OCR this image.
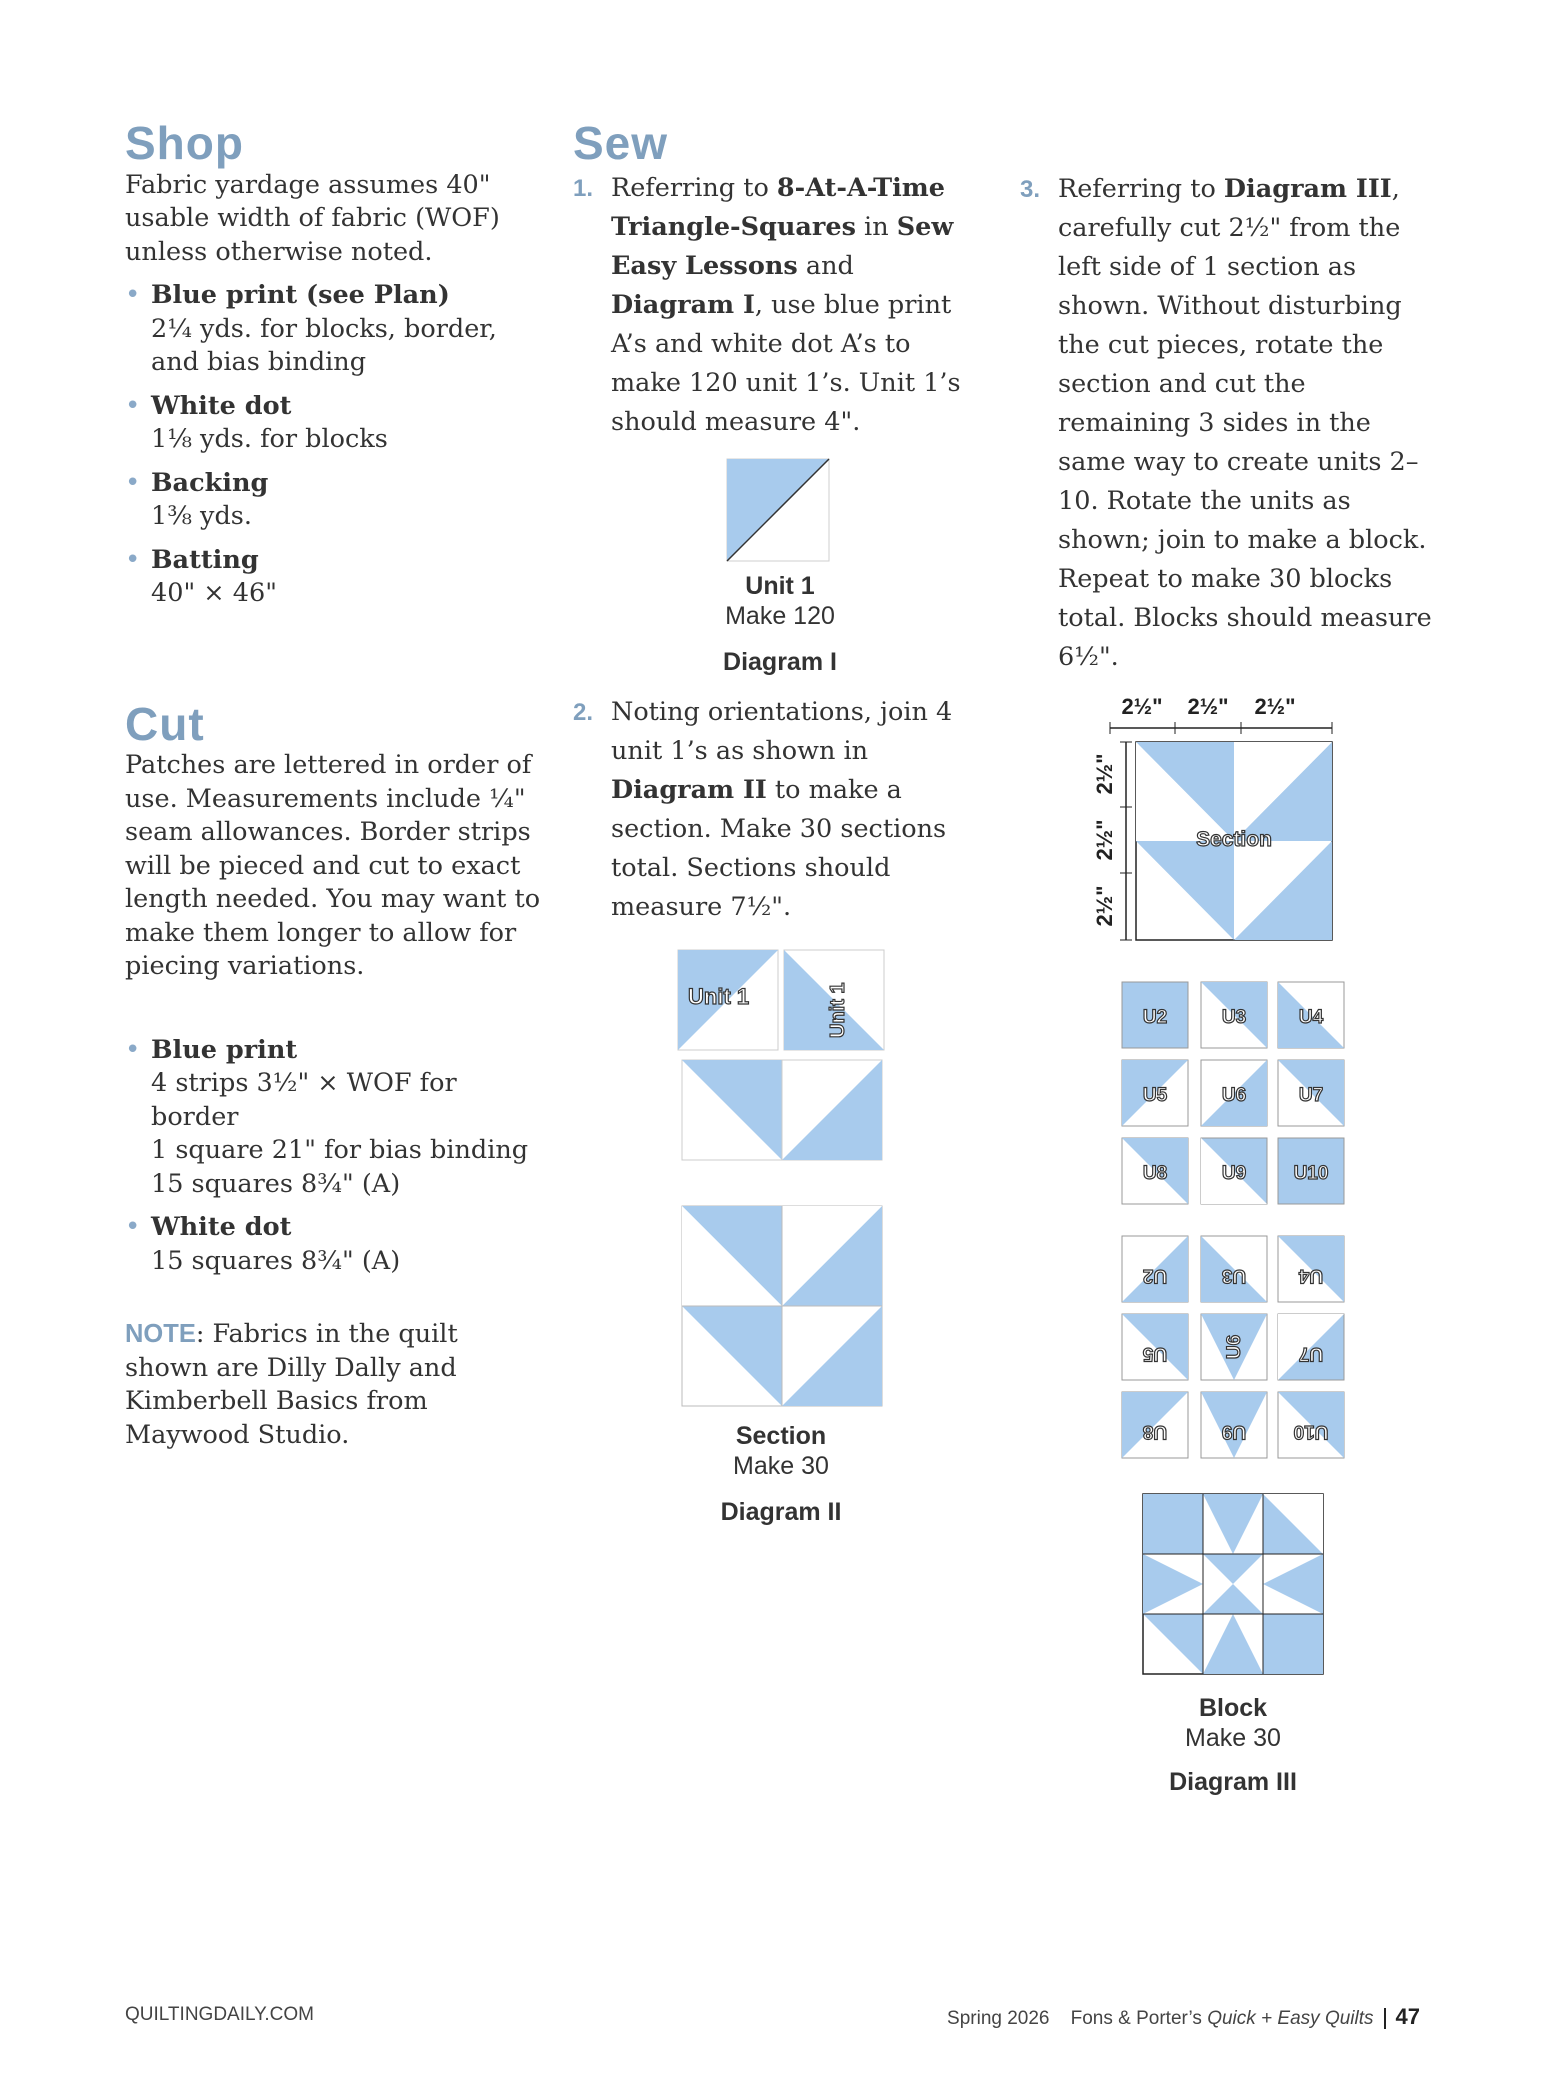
Shop

Fabric yardage assumes 40" usable width of fabric (WOF) unless otherwise noted.

• Blue print (see Plan)
2¼ yds. for blocks, border, and bias binding
• White dot
1⅛ yds. for blocks
• Backing
1⅜ yds.
• Batting
40" × 46"
Cut

Patches are lettered in order of use. Measurements include ¼" seam allowances. Border strips will be pieced and cut to exact length needed. You may want to make them longer to allow for piecing variations.

• Blue print
4 strips 3½" × WOF for border
1 square 21" for bias binding
15 squares 8¾" (A)
• White dot
15 squares 8¾" (A)

NOTE: Fabrics in the quilt shown are Dilly Dally and Kimberbell Basics from Maywood Studio.

Sew
1. Referring to 8-At-A-Time Triangle-Squares in Sew Easy Lessons and Diagram I, use blue print A’s and white dot A’s to make 120 unit 1’s. Unit 1’s should measure 4".
2. Noting orientations, join 4 unit 1’s as shown in Diagram II to make a section. Make 30 sections total. Sections should measure 7½".
Unit 1
Make 120
Diagram I
Unit 1	Unit 1
Section
Make 30
Diagram II
3. Referring to Diagram III, carefully cut 2½" from the left side of 1 section as shown. Without disturbing the cut pieces, rotate the section and cut the remaining 3 sides in the same way to create units 2–10. Rotate the units as shown; join to make a block. Repeat to make 30 blocks total. Blocks should measure 6½".
2½" 2½" 2½"
2½"
2½"
2½"
Section
U2	U3	U4
U5	U6	U7
U8	U9 U10
U2	U3	U4
U5	U6	U7
U8	U9 U10
Block
Make 30
Diagram III
QUILTINGDAILY.COM	Spring 2026 Fons & Porter’s Quick + Easy Quilts 47
